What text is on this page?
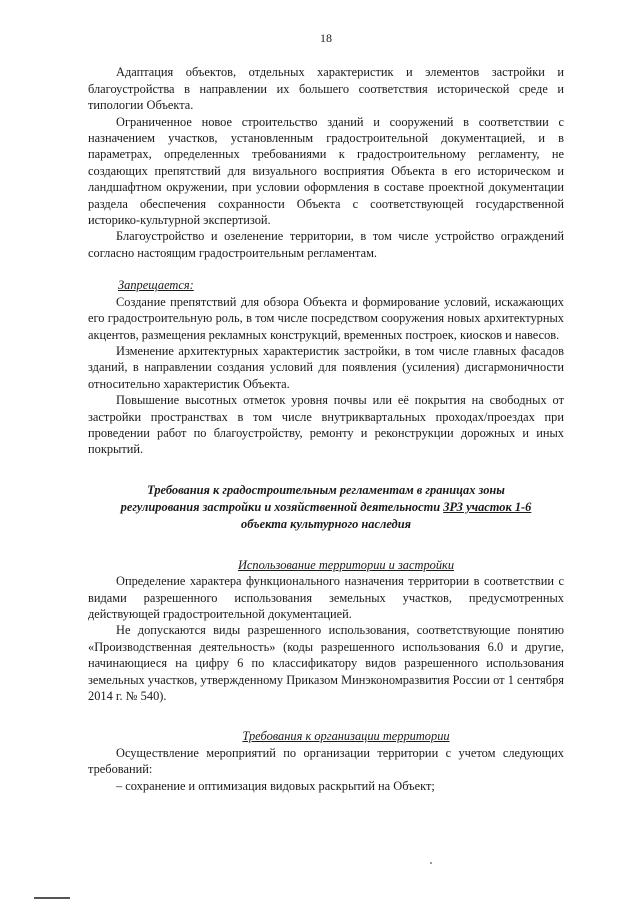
18

Адаптация объектов, отдельных характеристик и элементов застройки и благоустройства в направлении их большего соответствия исторической среде и типологии Объекта.

Ограниченное новое строительство зданий и сооружений в соответствии с назначением участков, установленным градостроительной документацией, и в параметрах, определенных требованиями к градостроительному регламенту, не создающих препятствий для визуального восприятия Объекта в его историческом и ландшафтном окружении, при условии оформления в составе проектной документации раздела обеспечения сохранности Объекта с соответствующей государственной историко-культурной экспертизой.

Благоустройство и озеленение территории, в том числе устройство ограждений согласно настоящим градостроительным регламентам.

Запрещается:

Создание препятствий для обзора Объекта и формирование условий, искажающих его градостроительную роль, в том числе посредством сооружения новых архитектурных акцентов, размещения рекламных конструкций, временных построек, киосков и навесов.

Изменение архитектурных характеристик застройки, в том числе главных фасадов зданий, в направлении создания условий для появления (усиления) дисгармоничности относительно характеристик Объекта.

Повышение высотных отметок уровня почвы или её покрытия на свободных от застройки пространствах в том числе внутриквартальных проходах/проездах при проведении работ по благоустройству, ремонту и реконструкции дорожных и иных покрытий.

Требования к градостроительным регламентам в границах зоны
регулирования застройки и хозяйственной деятельности ЗРЗ участок 1-6
объекта культурного наследия
Использование территории и застройки

Определение характера функционального назначения территории в соответствии с видами разрешенного использования земельных участков, предусмотренных действующей градостроительной документацией.

Не допускаются виды разрешенного использования, соответствующие понятию «Производственная деятельность» (коды разрешенного использования 6.0 и другие, начинающиеся на цифру 6 по классификатору видов разрешенного использования земельных участков, утвержденному Приказом Минэкономразвития России от 1 сентября 2014 г. № 540).

Требования к организации территории

Осуществление мероприятий по организации территории с учетом следующих требований:

– сохранение и оптимизация видовых раскрытий на Объект;
